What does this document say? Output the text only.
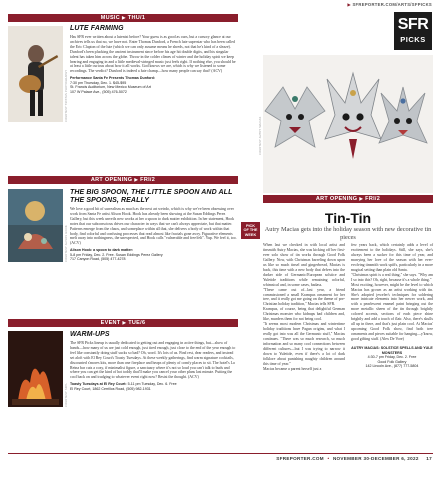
▶ SFREPORTER.COM/ARTS/SFPICKS
SFR
PICKS
MUSIC ▶ THU/1
COURTESY TRISTAN PHOTOGRAPHY
LUTE FARMING
Has SFR ever written about a lutenist before? Your guess is as good as ours, but a cursory glance at our archives tells us that no, we have not. Enter Thomas Dunford, a French lute superstar who has been called the Eric Clapton of the lute (which we can only assume means he shreds, not that he's kind of a sleaze). Dunford's been plucking the ancient instrument since before his age hit double digits, and his singular talent has taken him across the globe. Throw in the colder climes of winter and the holiday spirit we keep hearing and engaging in and a little medieval-stringed music just feels right. If nothing else, you should be at least a little curious about how it all works. God knows we are, which is why we listened to some recordings. The verdict? Dunford is indeed a lute champ—how many people can say that? (ACV)
Performance Santa Fe Presents Thomas Dunford:
7:30 pm Thursday, Dec. 1. $45-$95
St. Francis Auditorium, New Mexico Museum of Art
107 W Palace Ave., (505) 476-5072
ART OPENING ▶ FRI/2
COURTESY ALISON HOOK
THE BIG SPOON, THE LITTLE SPOON AND ALL THE SPOONS, REALLY
We love a good bit of surrealism as much as the next art weirdo, which is why we've been obsessing over work from Santa Fe artist Alison Hook. Hook has already been showing at the Susan Eddings Perez Gallery, but this week unveils new works at her a spoon to dark matter exhibition. In her statement, Hook notes that our subconscious drives our character in ways that we can't always appreciate, but that matter. Patterns emerge from the chaos, and someplace within all that, she delivers a body of work within that body, find colorful and confusing processes that read almost like fractals gone awry. Figurative elements melt away into nothingness, the unexpected, and Hook calls "vulnerable and free/felt". Yup. We feel it, too. (ACV)
Alison Hook: a spoon to dark matter:
5-8 pm Friday, Dec. 2. Free. Susan Eddings Perez Gallery
717 Canyon Road, (505) 477-4278
EVENT ▶ TUE/6
COURTESY SFPL
WARM-UPS
The SFR Picks lineup is usually dedicated to getting out and engaging in active things, but—show of hands—how many of us are just cold enough, just tired enough, just close to the end of the year enough to feel like constantly doing stuff sucks so bad? Oh, word. It's lots of us. Find rest, dear readers, and instead set aloft with El Rey Court's Toasty Tuesdays. At these weekly gatherings, find warm signature cocktails, discounted s'mores kits, more than one fireplace and heaps of plenty of comfy places to sit. The hotel's La Reina bar cuts a cozy, if minimalist figure, a sanctuary where it's not so loud you can't talk to buds and where you can get the kind of hot toddy that'll make you cancel your other plans last minute. Putting the cool back on and trudging to whatever event right now? Resist the thought. (ACV)
Toasty Tuesdays at El Rey Court: 5-11 pm Tuesday, Dec. 6. Free
El Rey Court, 1862 Cerrillos Road, (505) 982-1931
PICK
OF THE
WEEK
COURTESY AUTRY MACIAS
ART OPENING ▶ FRI/2
Tin-Tin
Autry Macias gets into the holiday season with new decorative tin pieces
When last we checked in with local artist and tinsmith Autry Macias, she was kicking off her first-ever solo show of tin works through Good Folk Gallery. Now, with Christmas barreling down upon us like so much tinsel and gingerbread, Macias is back, this time with a new body that delves into the darker side of Germanic/European solstice and Yuletide traditions while remaining colorful, whimsical and, in some cases, badass.
"These came out of...last year, a friend commissioned a small Krampus ornament for her tree, and it really got me going on the theme of pre-Christian holiday tradition," Macias tells SFR.
Krampus, of course, being that delightful German Christmas monster who kidnaps bad children and, like, murders them for not being cool.
"It seems most modern Christmas and wintertime holiday traditions have Pagan origins, and what I really got into was all the Germanic stuff," Macias continues. "There was so much research, so much information and so many cool connections between different cultures—but I was trying to narrow it down to Yuletide, even if there's a lot of dark folklore about punishing naughty children around this time of year."
Macias became a parent herself just a
few years back, which certainly adds a level of excitement to the holidays. Still, she says, she's always been a sucker for this time of year, and marrying her love of the season with her ever-evolving tinsmith work spiffs, particularly in a more magical setting than plain old Santa.
"Christmas spirit is a real thing," she says. "Why am I so into this? Oh, right, because it's a whole thing."
Most exciting, however, might be the level to which Macias has grown as an artist working with tin. She's adopted jeweler's techniques for soldering more intricate elements into her newer work, and with a pearlescent enamel paint bringing out the more metallic sheen of the tin through brightly colored accents, sections of each piece shine brightly and add a touch of flair. Also, there's skulls all up in there, and that's just plain cool. At Macias' upcoming Good Folk show, find both tree ornaments and pieces suitable for hanging—y'know, good gifting stuff. (Alex De Vore)
AUTRY MACIAS: SOLSTICE SPELLS AND YULE MONSTERS
4:30-7 pm Friday, Dec. 2. Free
Good Folk Gallery
142 Lincoln Ave., (877) 777-5804
SFREPORTER.COM • NOVEMBER 30-DECEMBER 6, 2022 17
